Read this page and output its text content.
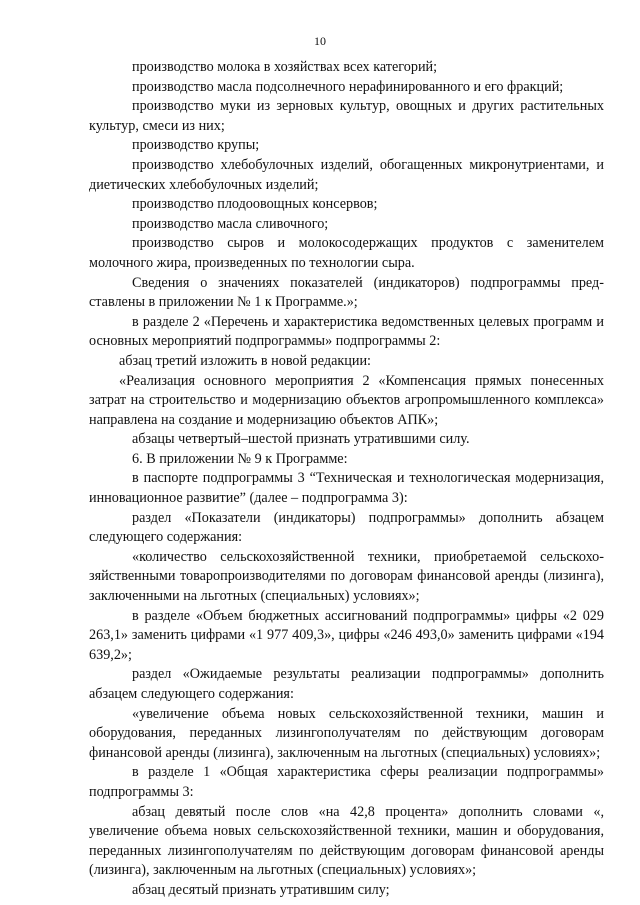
10

производство молока в хозяйствах всех категорий;

производство масла подсолнечного нерафинированного и его фракций;

производство муки из зерновых культур, овощных и других растительных культур, смеси из них;

производство крупы;

производство хлебобулочных изделий, обогащенных микронутриентами, и диетических хлебобулочных изделий;

производство плодоовощных консервов;

производство масла сливочного;

производство сыров и молокосодержащих продуктов с заменителем молочного жира, произведенных по технологии сыра.

Сведения о значениях показателей (индикаторов) подпрограммы представлены в приложении № 1 к Программе.»;

в разделе 2 «Перечень и характеристика ведомственных целевых программ и основных мероприятий подпрограммы» подпрограммы 2:

абзац третий изложить в новой редакции:

«Реализация основного мероприятия 2 «Компенсация прямых понесенных затрат на строительство и модернизацию объектов агропромышленного комплекса» направлена на создание и модернизацию объектов АПК»;

абзацы четвертый–шестой признать утратившими силу.

6. В приложении № 9 к Программе:

в паспорте подпрограммы 3 “Техническая и технологическая модернизация, инновационное развитие” (далее – подпрограмма 3):

раздел «Показатели (индикаторы) подпрограммы» дополнить абзацем следующего содержания:

«количество сельскохозяйственной техники, приобретаемой сельскохозяйственными товаропроизводителями по договорам финансовой аренды (лизинга), заключенными на льготных (специальных) условиях»;

в разделе «Объем бюджетных ассигнований подпрограммы» цифры «2 029 263,1» заменить цифрами «1 977 409,3», цифры «246 493,0» заменить цифрами «194 639,2»;

раздел «Ожидаемые результаты реализации подпрограммы» дополнить абзацем следующего содержания:

«увеличение объема новых сельскохозяйственной техники, машин и оборудования, переданных лизингополучателям по действующим договорам финансовой аренды (лизинга), заключенным на льготных (специальных) условиях»;

в разделе 1 «Общая характеристика сферы реализации подпрограммы» подпрограммы 3:

абзац девятый после слов «на 42,8 процента» дополнить словами «, увеличение объема новых сельскохозяйственной техники, машин и оборудования, переданных лизингополучателям по действующим договорам финансовой аренды (лизинга), заключенным на льготных (специальных) условиях»;

абзац десятый признать утратившим силу;
